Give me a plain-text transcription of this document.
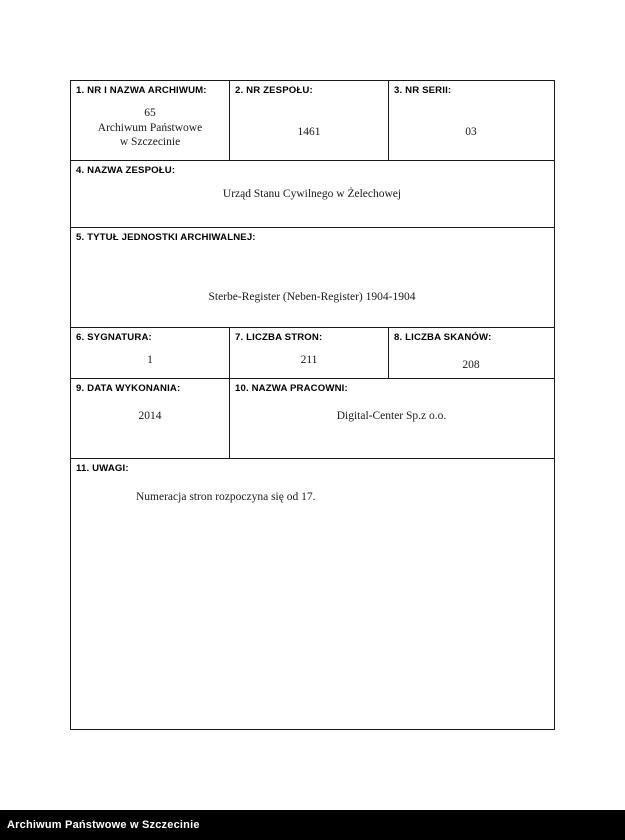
1. NR I NAZWA ARCHIWUM:
65
Archiwum Państwowe
w Szczecinie
2. NR ZESPOŁU:
1461
3. NR SERII:
03
4. NAZWA ZESPOŁU:
Urząd Stanu Cywilnego w Żelechowej
5. TYTUŁ JEDNOSTKI ARCHIWALNEJ:
Sterbe-Register (Neben-Register) 1904-1904
6. SYGNATURA:
1
7. LICZBA STRON:
211
8. LICZBA SKANÓW:
208
9. DATA WYKONANIA:
2014
10. NAZWA PRACOWNI:
Digital-Center Sp.z o.o.
11. UWAGI:
Numeracja stron rozpoczyna się od 17.
Archiwum Państwowe w Szczecinie
